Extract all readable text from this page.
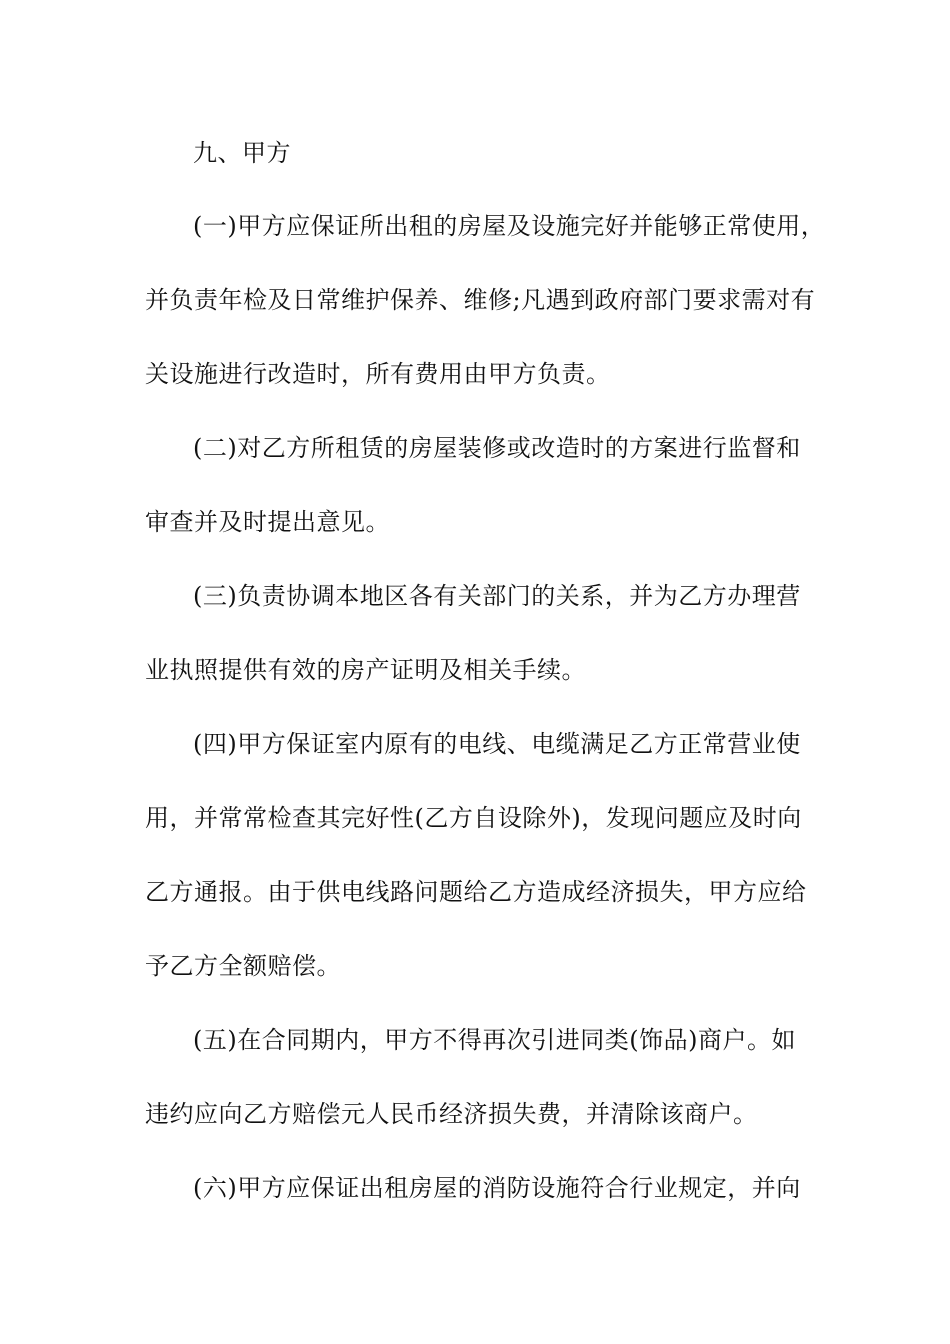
九、甲方
(一)甲方应保证所出租的房屋及设施完好并能够正常使用，
并负责年检及日常维护保养、维修;凡遇到政府部门要求需对有
关设施进行改造时，所有费用由甲方负责。
(二)对乙方所租赁的房屋装修或改造时的方案进行监督和
审查并及时提出意见。
(三)负责协调本地区各有关部门的关系，并为乙方办理营
业执照提供有效的房产证明及相关手续。
(四)甲方保证室内原有的电线、电缆满足乙方正常营业使
用，并常常检查其完好性(乙方自设除外)，发现问题应及时向
乙方通报。由于供电线路问题给乙方造成经济损失，甲方应给
予乙方全额赔偿。
(五)在合同期内，甲方不得再次引进同类(饰品)商户。如
违约应向乙方赔偿元人民币经济损失费，并清除该商户。
(六)甲方应保证出租房屋的消防设施符合行业规定，并向
